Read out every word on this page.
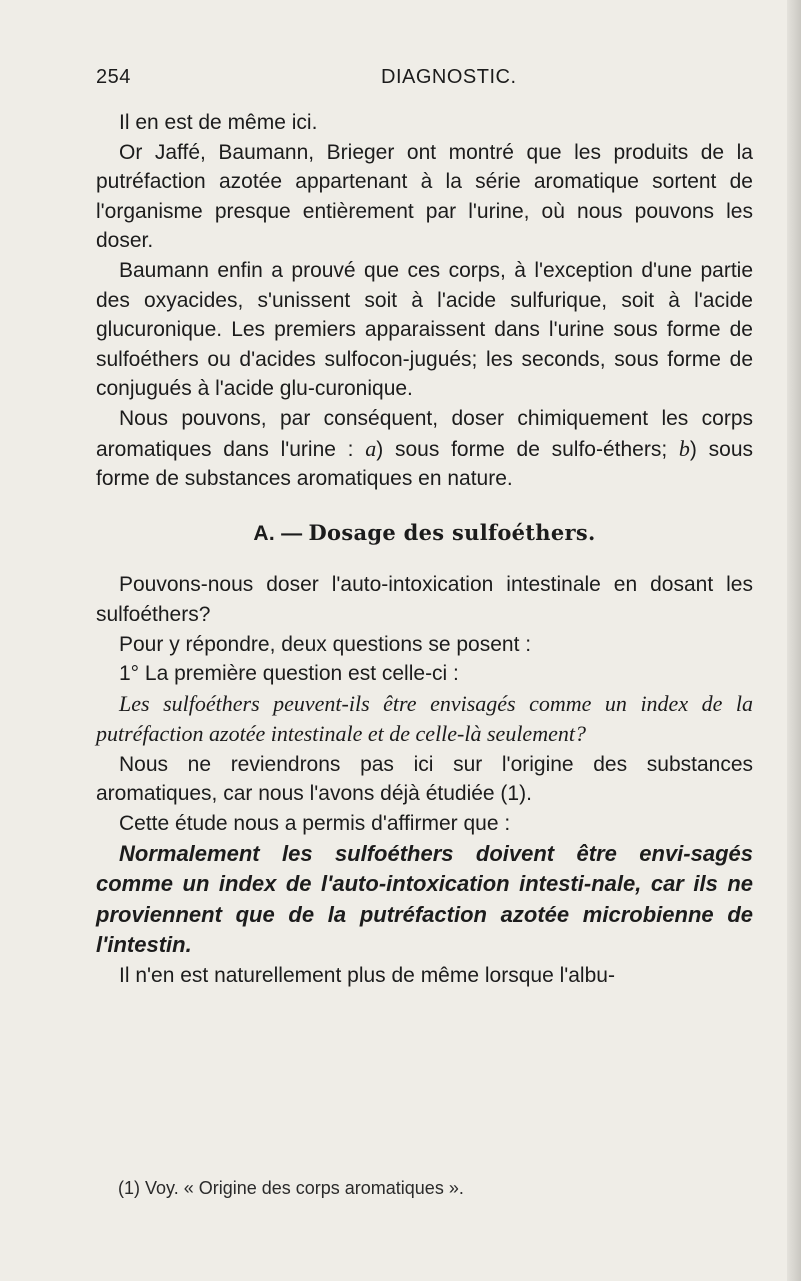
254	DIAGNOSTIC.

Il en est de même ici.

Or Jaffé, Baumann, Brieger ont montré que les produits de la putréfaction azotée appartenant à la série aromatique sortent de l'organisme presque entièrement par l'urine, où nous pouvons les doser.

Baumann enfin a prouvé que ces corps, à l'exception d'une partie des oxyacides, s'unissent soit à l'acide sulfurique, soit à l'acide glucuronique. Les premiers apparaissent dans l'urine sous forme de sulfoéthers ou d'acides sulfocon-jugués; les seconds, sous forme de conjugués à l'acide glu-curonique.

Nous pouvons, par conséquent, doser chimiquement les corps aromatiques dans l'urine : a) sous forme de sulfo-éthers; b) sous forme de substances aromatiques en nature.

A. — Dosage des sulfoéthers.

Pouvons-nous doser l'auto-intoxication intestinale en dosant les sulfoéthers?

Pour y répondre, deux questions se posent :

1° La première question est celle-ci :

Les sulfoéthers peuvent-ils être envisagés comme un index de la putréfaction azotée intestinale et de celle-là seulement?

Nous ne reviendrons pas ici sur l'origine des substances aromatiques, car nous l'avons déjà étudiée (1).

Cette étude nous a permis d'affirmer que :

Normalement les sulfoéthers doivent être envi-sagés comme un index de l'auto-intoxication intesti-nale, car ils ne proviennent que de la putréfaction azotée microbienne de l'intestin.

Il n'en est naturellement plus de même lorsque l'albu-

(1) Voy. « Origine des corps aromatiques ».
